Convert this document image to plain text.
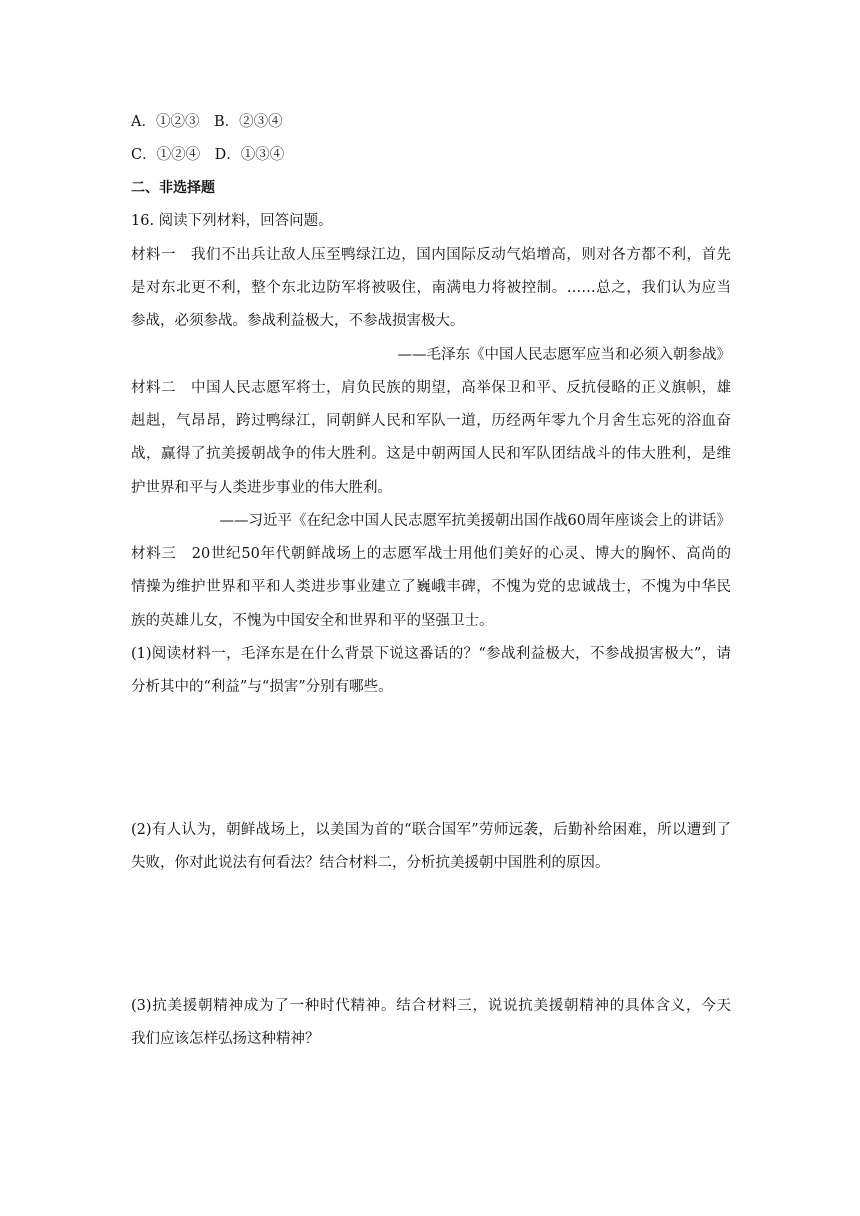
A．①②③　B．②③④
C．①②④　D．①③④
二、非选择题
16. 阅读下列材料，回答问题。
材料一　我们不出兵让敌人压至鸭绿江边，国内国际反动气焰增高，则对各方都不利，首先
是对东北更不利，整个东北边防军将被吸住，南满电力将被控制。……总之，我们认为应当
参战，必须参战。参战利益极大，不参战损害极大。
——毛泽东《中国人民志愿军应当和必须入朝参战》
材料二　中国人民志愿军将士，肩负民族的期望，高举保卫和平、反抗侵略的正义旗帜，雄
赳赳，气昂昂，跨过鸭绿江，同朝鲜人民和军队一道，历经两年零九个月舍生忘死的浴血奋
战，赢得了抗美援朝战争的伟大胜利。这是中朝两国人民和军队团结战斗的伟大胜利，是维
护世界和平与人类进步事业的伟大胜利。
——习近平《在纪念中国人民志愿军抗美援朝出国作战60周年座谈会上的讲话》
材料三　20世纪50年代朝鲜战场上的志愿军战士用他们美好的心灵、博大的胸怀、高尚的
情操为维护世界和平和人类进步事业建立了巍峨丰碑，不愧为党的忠诚战士，不愧为中华民
族的英雄儿女，不愧为中国安全和世界和平的坚强卫士。
(1)阅读材料一，毛泽东是在什么背景下说这番话的？“参战利益极大，不参战损害极大”，请
分析其中的“利益”与“损害”分别有哪些。
(2)有人认为，朝鲜战场上，以美国为首的“联合国军”劳师远袭，后勤补给困难，所以遭到了
失败，你对此说法有何看法？结合材料二，分析抗美援朝中国胜利的原因。
(3)抗美援朝精神成为了一种时代精神。结合材料三，说说抗美援朝精神的具体含义，今天
我们应该怎样弘扬这种精神？
